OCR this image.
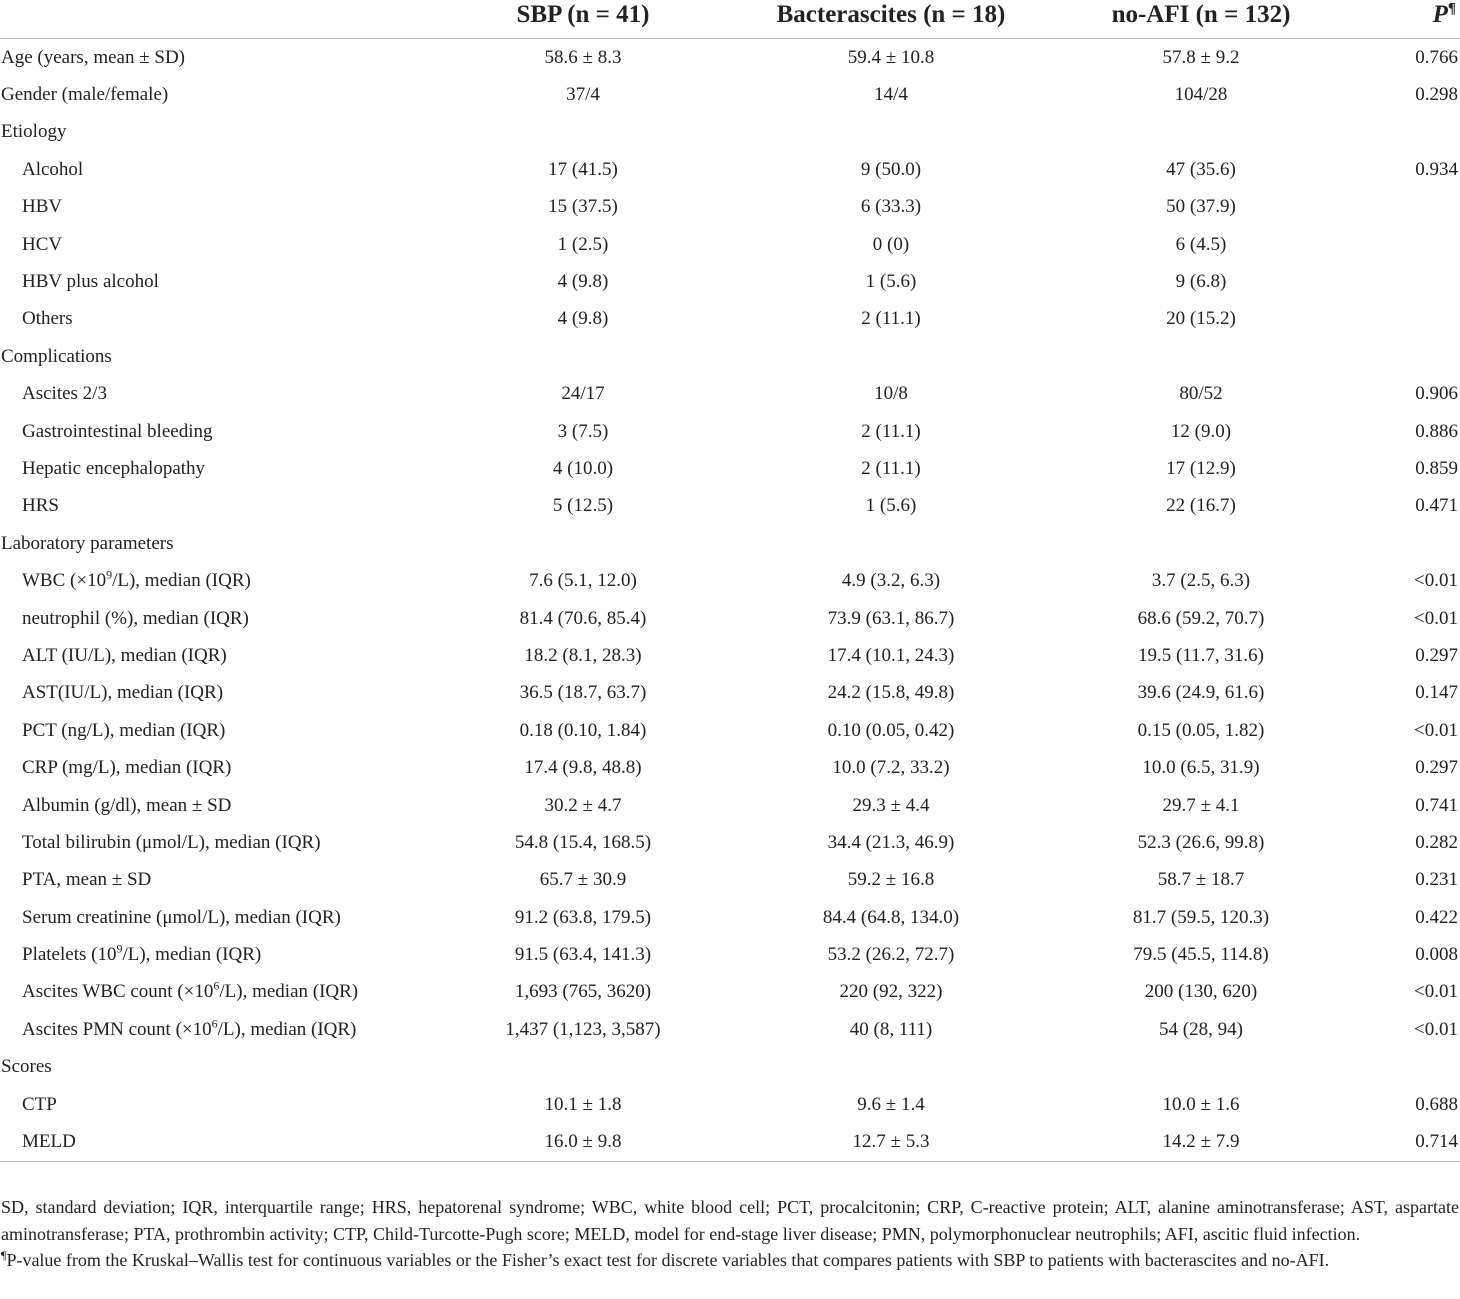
	SBP (n = 41)	Bacterascites (n = 18)	no-AFI (n = 132)	P¶
Age (years, mean ± SD)	58.6 ± 8.3	59.4 ± 10.8	57.8 ± 9.2	0.766
Gender (male/female)	37/4	14/4	104/28	0.298
Etiology				
Alcohol	17 (41.5)	9 (50.0)	47 (35.6)	0.934
HBV	15 (37.5)	6 (33.3)	50 (37.9)	
HCV	1 (2.5)	0 (0)	6 (4.5)	
HBV plus alcohol	4 (9.8)	1 (5.6)	9 (6.8)	
Others	4 (9.8)	2 (11.1)	20 (15.2)	
Complications				
Ascites 2/3	24/17	10/8	80/52	0.906
Gastrointestinal bleeding	3 (7.5)	2 (11.1)	12 (9.0)	0.886
Hepatic encephalopathy	4 (10.0)	2 (11.1)	17 (12.9)	0.859
HRS	5 (12.5)	1 (5.6)	22 (16.7)	0.471
Laboratory parameters				
WBC $(\times 10^9/L)$, median (IQR)	7.6 (5.1, 12.0)	4.9 (3.2, 6.3)	3.7 (2.5, 6.3)	<0.01
neutrophil (%), median (IQR)	81.4 (70.6, 85.4)	73.9 (63.1, 86.7)	68.6 (59.2, 70.7)	<0.01
ALT (IU/L), median (IQR)	18.2 (8.1, 28.3)	17.4 (10.1, 24.3)	19.5 (11.7, 31.6)	0.297
AST(IU/L), median (IQR)	36.5 (18.7, 63.7)	24.2 (15.8, 49.8)	39.6 (24.9, 61.6)	0.147
PCT (ng/L), median (IQR)	0.18 (0.10, 1.84)	0.10 (0.05, 0.42)	0.15 (0.05, 1.82)	<0.01
CRP (mg/L), median (IQR)	17.4 (9.8, 48.8)	10.0 (7.2, 33.2)	10.0 (6.5, 31.9)	0.297
Albumin (g/dl), mean ± SD	30.2 ± 4.7	29.3 ± 4.4	29.7 ± 4.1	0.741
Total bilirubin (μmol/L), median (IQR)	54.8 (15.4, 168.5)	34.4 (21.3, 46.9)	52.3 (26.6, 99.8)	0.282
PTA, mean ± SD	65.7 ± 30.9	59.2 ± 16.8	58.7 ± 18.7	0.231
Serum creatinine (μmol/L), median (IQR)	91.2 (63.8, 179.5)	84.4 (64.8, 134.0)	81.7 (59.5, 120.3)	0.422
Platelets $(10^9/L)$, median (IQR)	91.5 (63.4, 141.3)	53.2 (26.2, 72.7)	79.5 (45.5, 114.8)	0.008
Ascites WBC count $(\times 10^6/L)$, median (IQR)	1,693 (765, 3620)	220 (92, 322)	200 (130, 620)	<0.01
Ascites PMN count $(\times 10^6/L)$, median (IQR)	1,437 (1,123, 3,587)	40 (8, 111)	54 (28, 94)	<0.01
Scores				
CTP	10.1 ± 1.8	9.6 ± 1.4	10.0 ± 1.6	0.688
MELD	16.0 ± 9.8	12.7 ± 5.3	14.2 ± 7.9	0.714

SD, standard deviation; IQR, interquartile range; HRS, hepatorenal syndrome; WBC, white blood cell; PCT, procalcitonin; CRP, C-reactive protein; ALT, alanine aminotransferase; AST, aspartate aminotransferase; PTA, prothrombin activity; CTP, Child-Turcotte-Pugh score; MELD, model for end-stage liver disease; PMN, polymorphonuclear neutrophils; AFI, ascitic fluid infection.

¶P-value from the Kruskal–Wallis test for continuous variables or the Fisher’s exact test for discrete variables that compares patients with SBP to patients with bacterascites and no-AFI.
